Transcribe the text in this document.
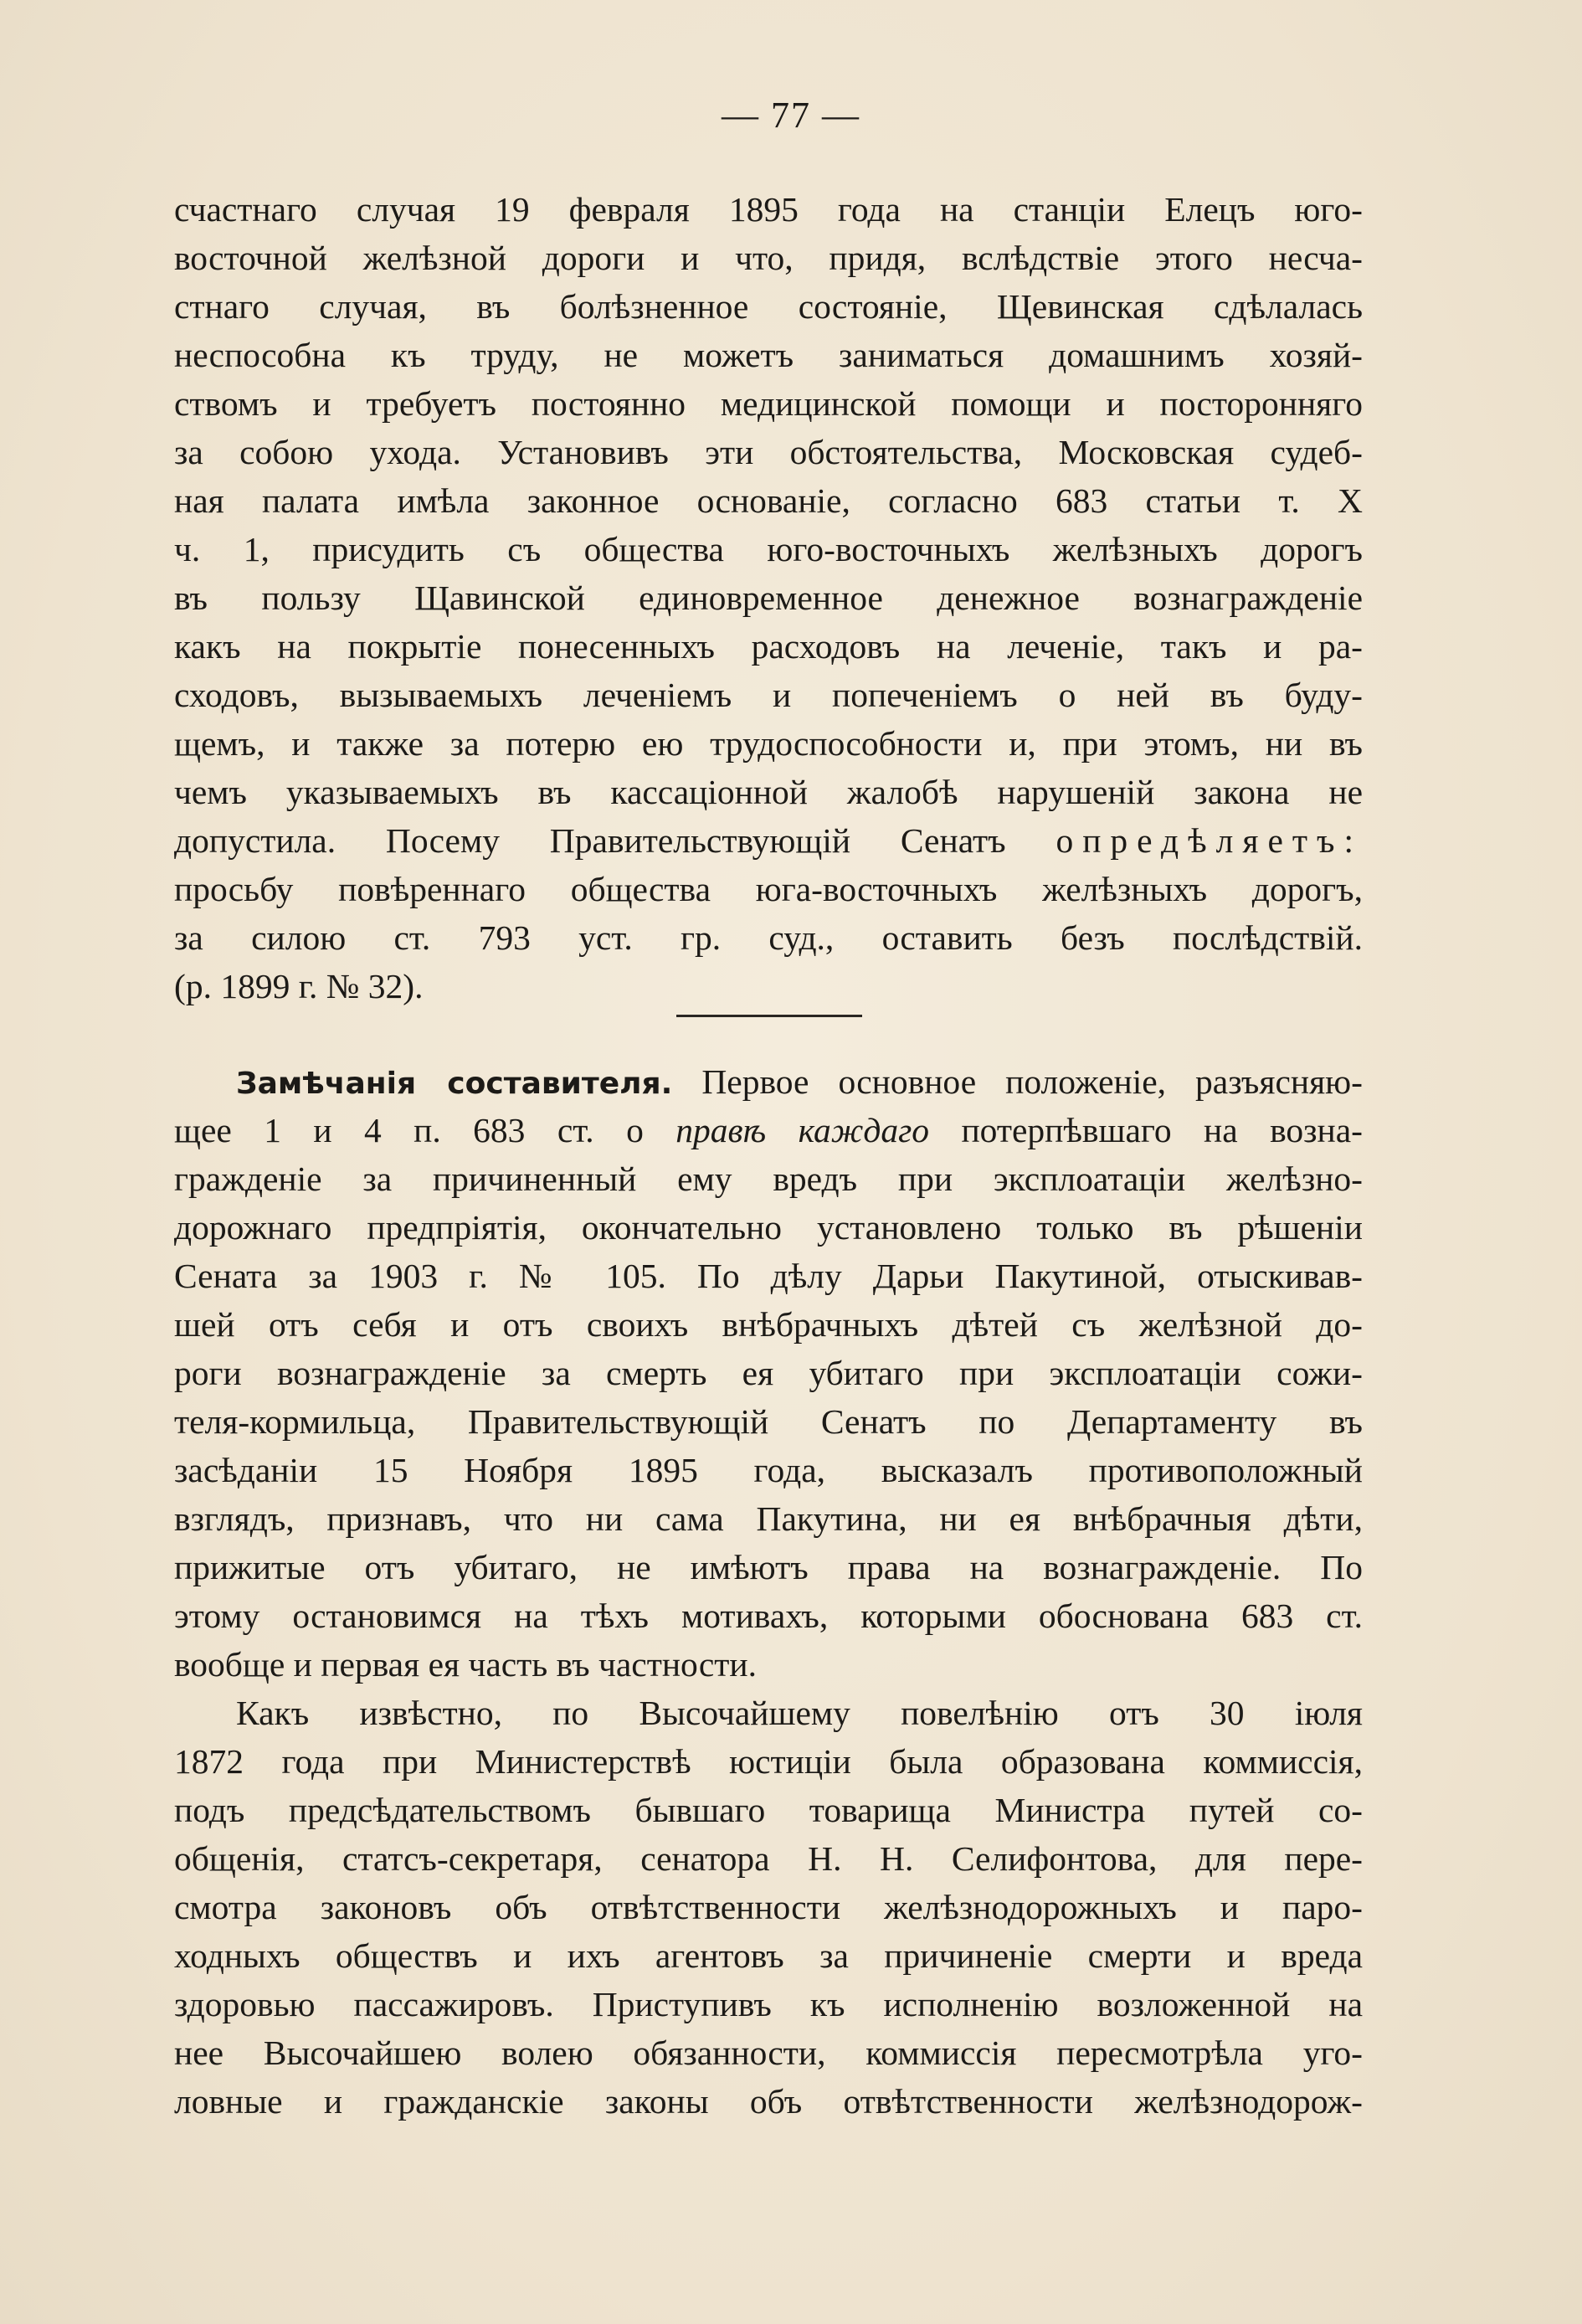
— 77 —
счастнаго случая 19 февраля 1895 года на станціи Елецъ юго-
восточной желѣзной дороги и что, придя, вслѣдствіе этого несча-
стнаго случая, въ болѣзненное состояніе, Щевинская сдѣлалась
неспособна къ труду, не можетъ заниматься домашнимъ хозяй-
ствомъ и требуетъ постоянно медицинской помощи и посторонняго
за собою ухода. Установивъ эти обстоятельства, Московская судеб-
ная палата имѣла законное основаніе, согласно 683 статьи т. X
ч. 1, присудить съ общества юго-восточныхъ желѣзныхъ дорогъ
въ пользу Щавинской единовременное денежное вознагражденіе
какъ на покрытіе понесенныхъ расходовъ на леченіе, такъ и ра-
сходовъ, вызываемыхъ леченіемъ и попеченіемъ о ней въ буду-
щемъ, и также за потерю ею трудоспособности и, при этомъ, ни въ
чемъ указываемыхъ въ кассаціонной жалобѣ нарушеній закона не
допустила. Посему Правительствующій Сенатъ опредѣляетъ:
просьбу повѣреннаго общества юга-восточныхъ желѣзныхъ дорогъ,
за силою ст. 793 уст. гр. суд., оставить безъ послѣдствій.
(р. 1899 г. № 32).
Замѣчанія составителя. Первое основное положеніе, разъясняю-
щее 1 и 4 п. 683 ст. о правѣ каждаго потерпѣвшаго на возна-
гражденіе за причиненный ему вредъ при эксплоатаціи желѣзно-
дорожнаго предпріятія, окончательно установлено только въ рѣшеніи
Сената за 1903 г. № 105. По дѣлу Дарьи Пакутиной, отыскивав-
шей отъ себя и отъ своихъ внѣбрачныхъ дѣтей съ желѣзной до-
роги вознагражденіе за смерть ея убитаго при эксплоатаціи сожи-
теля-кормильца, Правительствующій Сенатъ по Департаменту въ
засѣданіи 15 Ноября 1895 года, высказалъ противоположный
взглядъ, признавъ, что ни сама Пакутина, ни ея внѣбрачныя дѣти,
прижитые отъ убитаго, не имѣютъ права на вознагражденіе. По
этому остановимся на тѣхъ мотивахъ, которыми обоснована 683 ст.
вообще и первая ея часть въ частности.
Какъ извѣстно, по Высочайшему повелѣнію отъ 30 іюля
1872 года при Министерствѣ юстиціи была образована коммиссія,
подъ предсѣдательствомъ бывшаго товарища Министра путей со-
общенія, статсъ-секретаря, сенатора Н. Н. Селифонтова, для пере-
смотра законовъ объ отвѣтственности желѣзнодорожныхъ и паро-
ходныхъ обществъ и ихъ агентовъ за причиненіе смерти и вреда
здоровью пассажировъ. Приступивъ къ исполненію возложенной на
нее Высочайшею волею обязанности, коммиссія пересмотрѣла уго-
ловные и гражданскіе законы объ отвѣтственности желѣзнодорож-
